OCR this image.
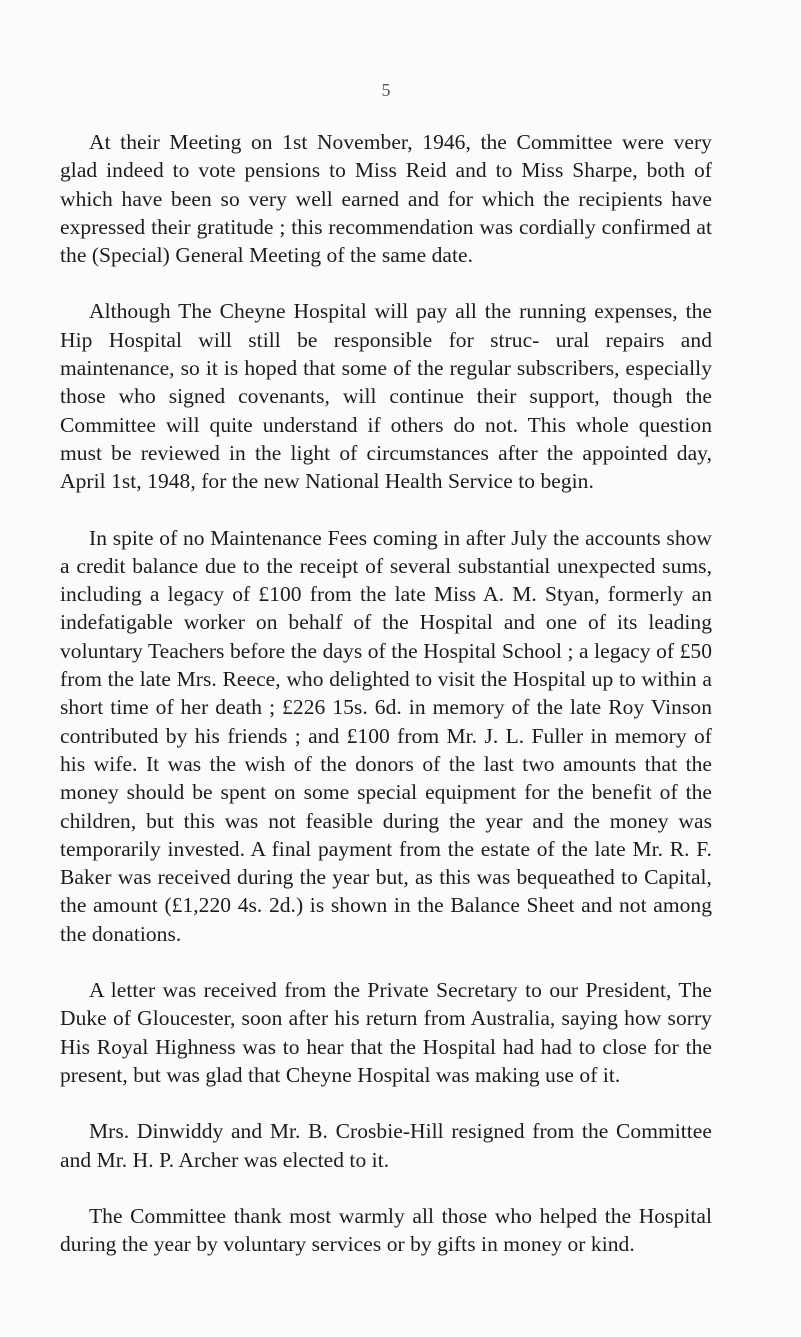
5

At their Meeting on 1st November, 1946, the Committee were very glad indeed to vote pensions to Miss Reid and to Miss Sharpe, both of which have been so very well earned and for which the recipients have expressed their gratitude ; this recommendation was cordially confirmed at the (Special) General Meeting of the same date.

Although The Cheyne Hospital will pay all the running expenses, the Hip Hospital will still be responsible for struc- ural repairs and maintenance, so it is hoped that some of the regular subscribers, especially those who signed covenants, will continue their support, though the Committee will quite understand if others do not. This whole question must be reviewed in the light of circumstances after the appointed day, April 1st, 1948, for the new National Health Service to begin.

In spite of no Maintenance Fees coming in after July the accounts show a credit balance due to the receipt of several substantial unexpected sums, including a legacy of £100 from the late Miss A. M. Styan, formerly an indefatigable worker on behalf of the Hospital and one of its leading voluntary Teachers before the days of the Hospital School ; a legacy of £50 from the late Mrs. Reece, who delighted to visit the Hospital up to within a short time of her death ; £226 15s. 6d. in memory of the late Roy Vinson contributed by his friends ; and £100 from Mr. J. L. Fuller in memory of his wife. It was the wish of the donors of the last two amounts that the money should be spent on some special equipment for the benefit of the children, but this was not feasible during the year and the money was temporarily invested. A final payment from the estate of the late Mr. R. F. Baker was received during the year but, as this was bequeathed to Capital, the amount (£1,220 4s. 2d.) is shown in the Balance Sheet and not among the donations.

A letter was received from the Private Secretary to our President, The Duke of Gloucester, soon after his return from Australia, saying how sorry His Royal Highness was to hear that the Hospital had had to close for the present, but was glad that Cheyne Hospital was making use of it.

Mrs. Dinwiddy and Mr. B. Crosbie-Hill resigned from the Committee and Mr. H. P. Archer was elected to it.

The Committee thank most warmly all those who helped the Hospital during the year by voluntary services or by gifts in money or kind.
